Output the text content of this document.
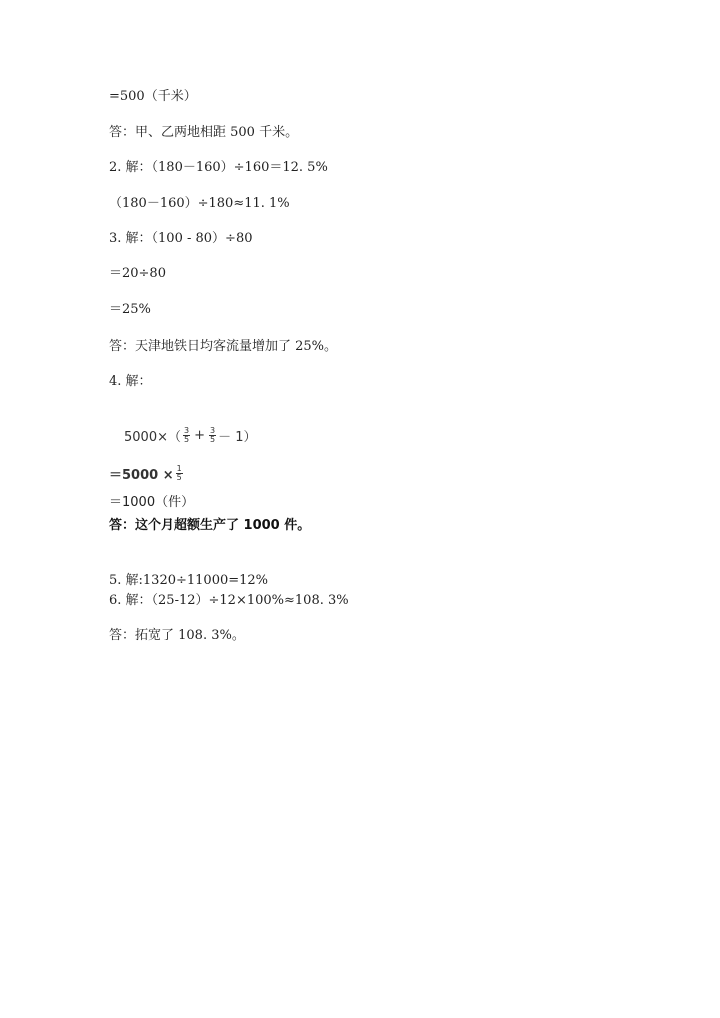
=500（千米）
答：甲、乙两地相距 500 千米。
2. 解：（180－160）÷160＝12. 5%
（180－160）÷180≈11. 1%
3. 解：（100 - 80）÷80
＝20÷80
＝25%
答：天津地铁日均客流量增加了 25%。
4. 解：
$5000\times( \frac{3}{5} + \frac{3}{5} - 1)$
$=5000 \times \frac{1}{5}$
＝1000（件）
答：这个月超额生产了 1000 件。
5. 解:1320÷11000=12%
6. 解：（25-12）÷12×100%≈108. 3%
答：拓宽了 108. 3%。
